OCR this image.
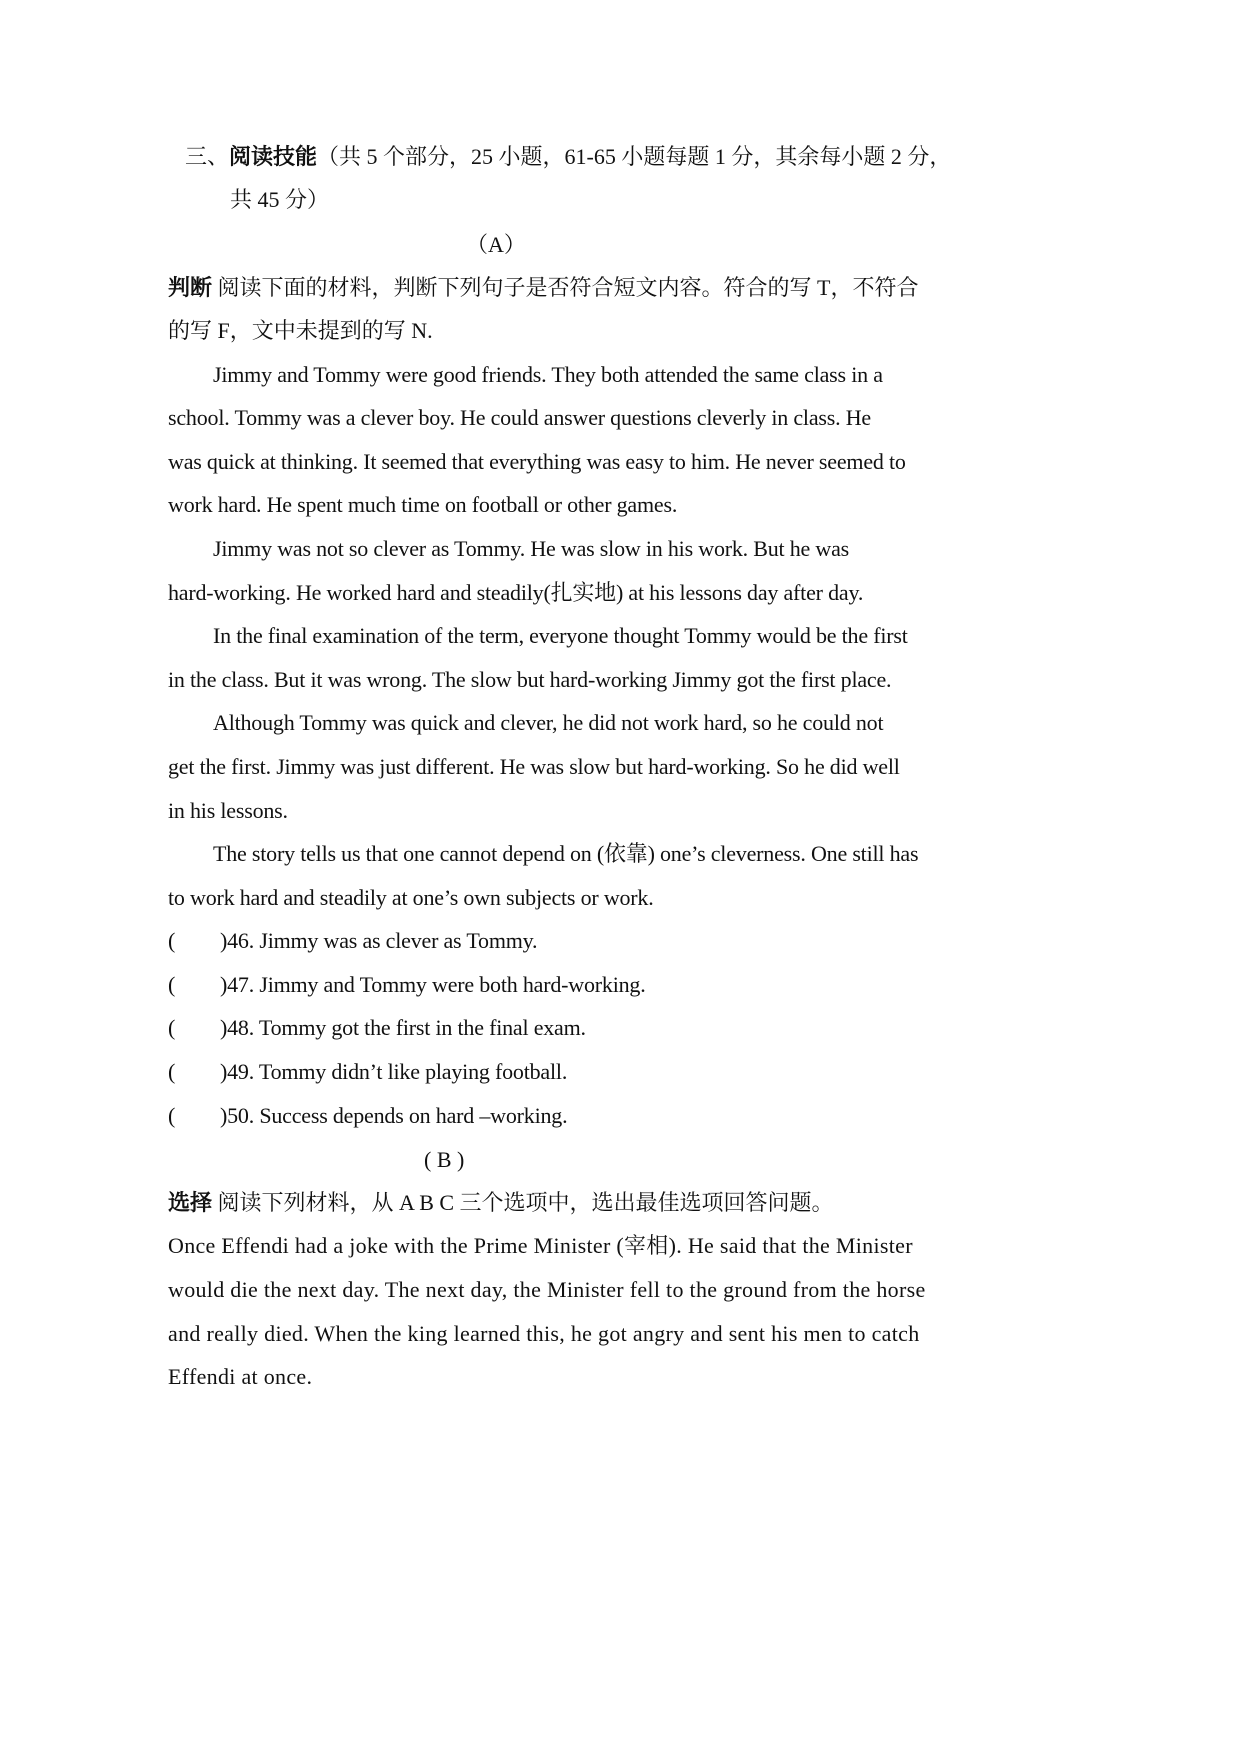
三、阅读技能（共 5 个部分，25 小题，61-65 小题每题 1 分，其余每小题 2 分，
共 45 分）
（A）
判断 阅读下面的材料，判断下列句子是否符合短文内容。符合的写 T，不符合
的写 F，文中未提到的写 N.
Jimmy and Tommy were good friends. They both attended the same class in a
school. Tommy was a clever boy. He could answer questions cleverly in class. He
was quick at thinking. It seemed that everything was easy to him. He never seemed to
work hard. He spent much time on football or other games.
Jimmy was not so clever as Tommy. He was slow in his work. But he was
hard-working. He worked hard and steadily(扎实地) at his lessons day after day.
In the final examination of the term, everyone thought Tommy would be the first
in the class. But it was wrong. The slow but hard-working Jimmy got the first place.
Although Tommy was quick and clever, he did not work hard, so he could not
get the first. Jimmy was just different. He was slow but hard-working. So he did well
in his lessons.
The story tells us that one cannot depend on (依靠) one’s cleverness. One still has
to work hard and steadily at one’s own subjects or work.
( )46. Jimmy was as clever as Tommy.
( )47. Jimmy and Tommy were both hard-working.
( )48. Tommy got the first in the final exam.
( )49. Tommy didn’t like playing football.
( )50. Success depends on hard –working.
( B )
选择 阅读下列材料，从 A B C 三个选项中，选出最佳选项回答问题。
Once Effendi had a joke with the Prime Minister (宰相). He said that the Minister
would die the next day. The next day, the Minister fell to the ground from the horse
and really died. When the king learned this, he got angry and sent his men to catch
Effendi at once.
